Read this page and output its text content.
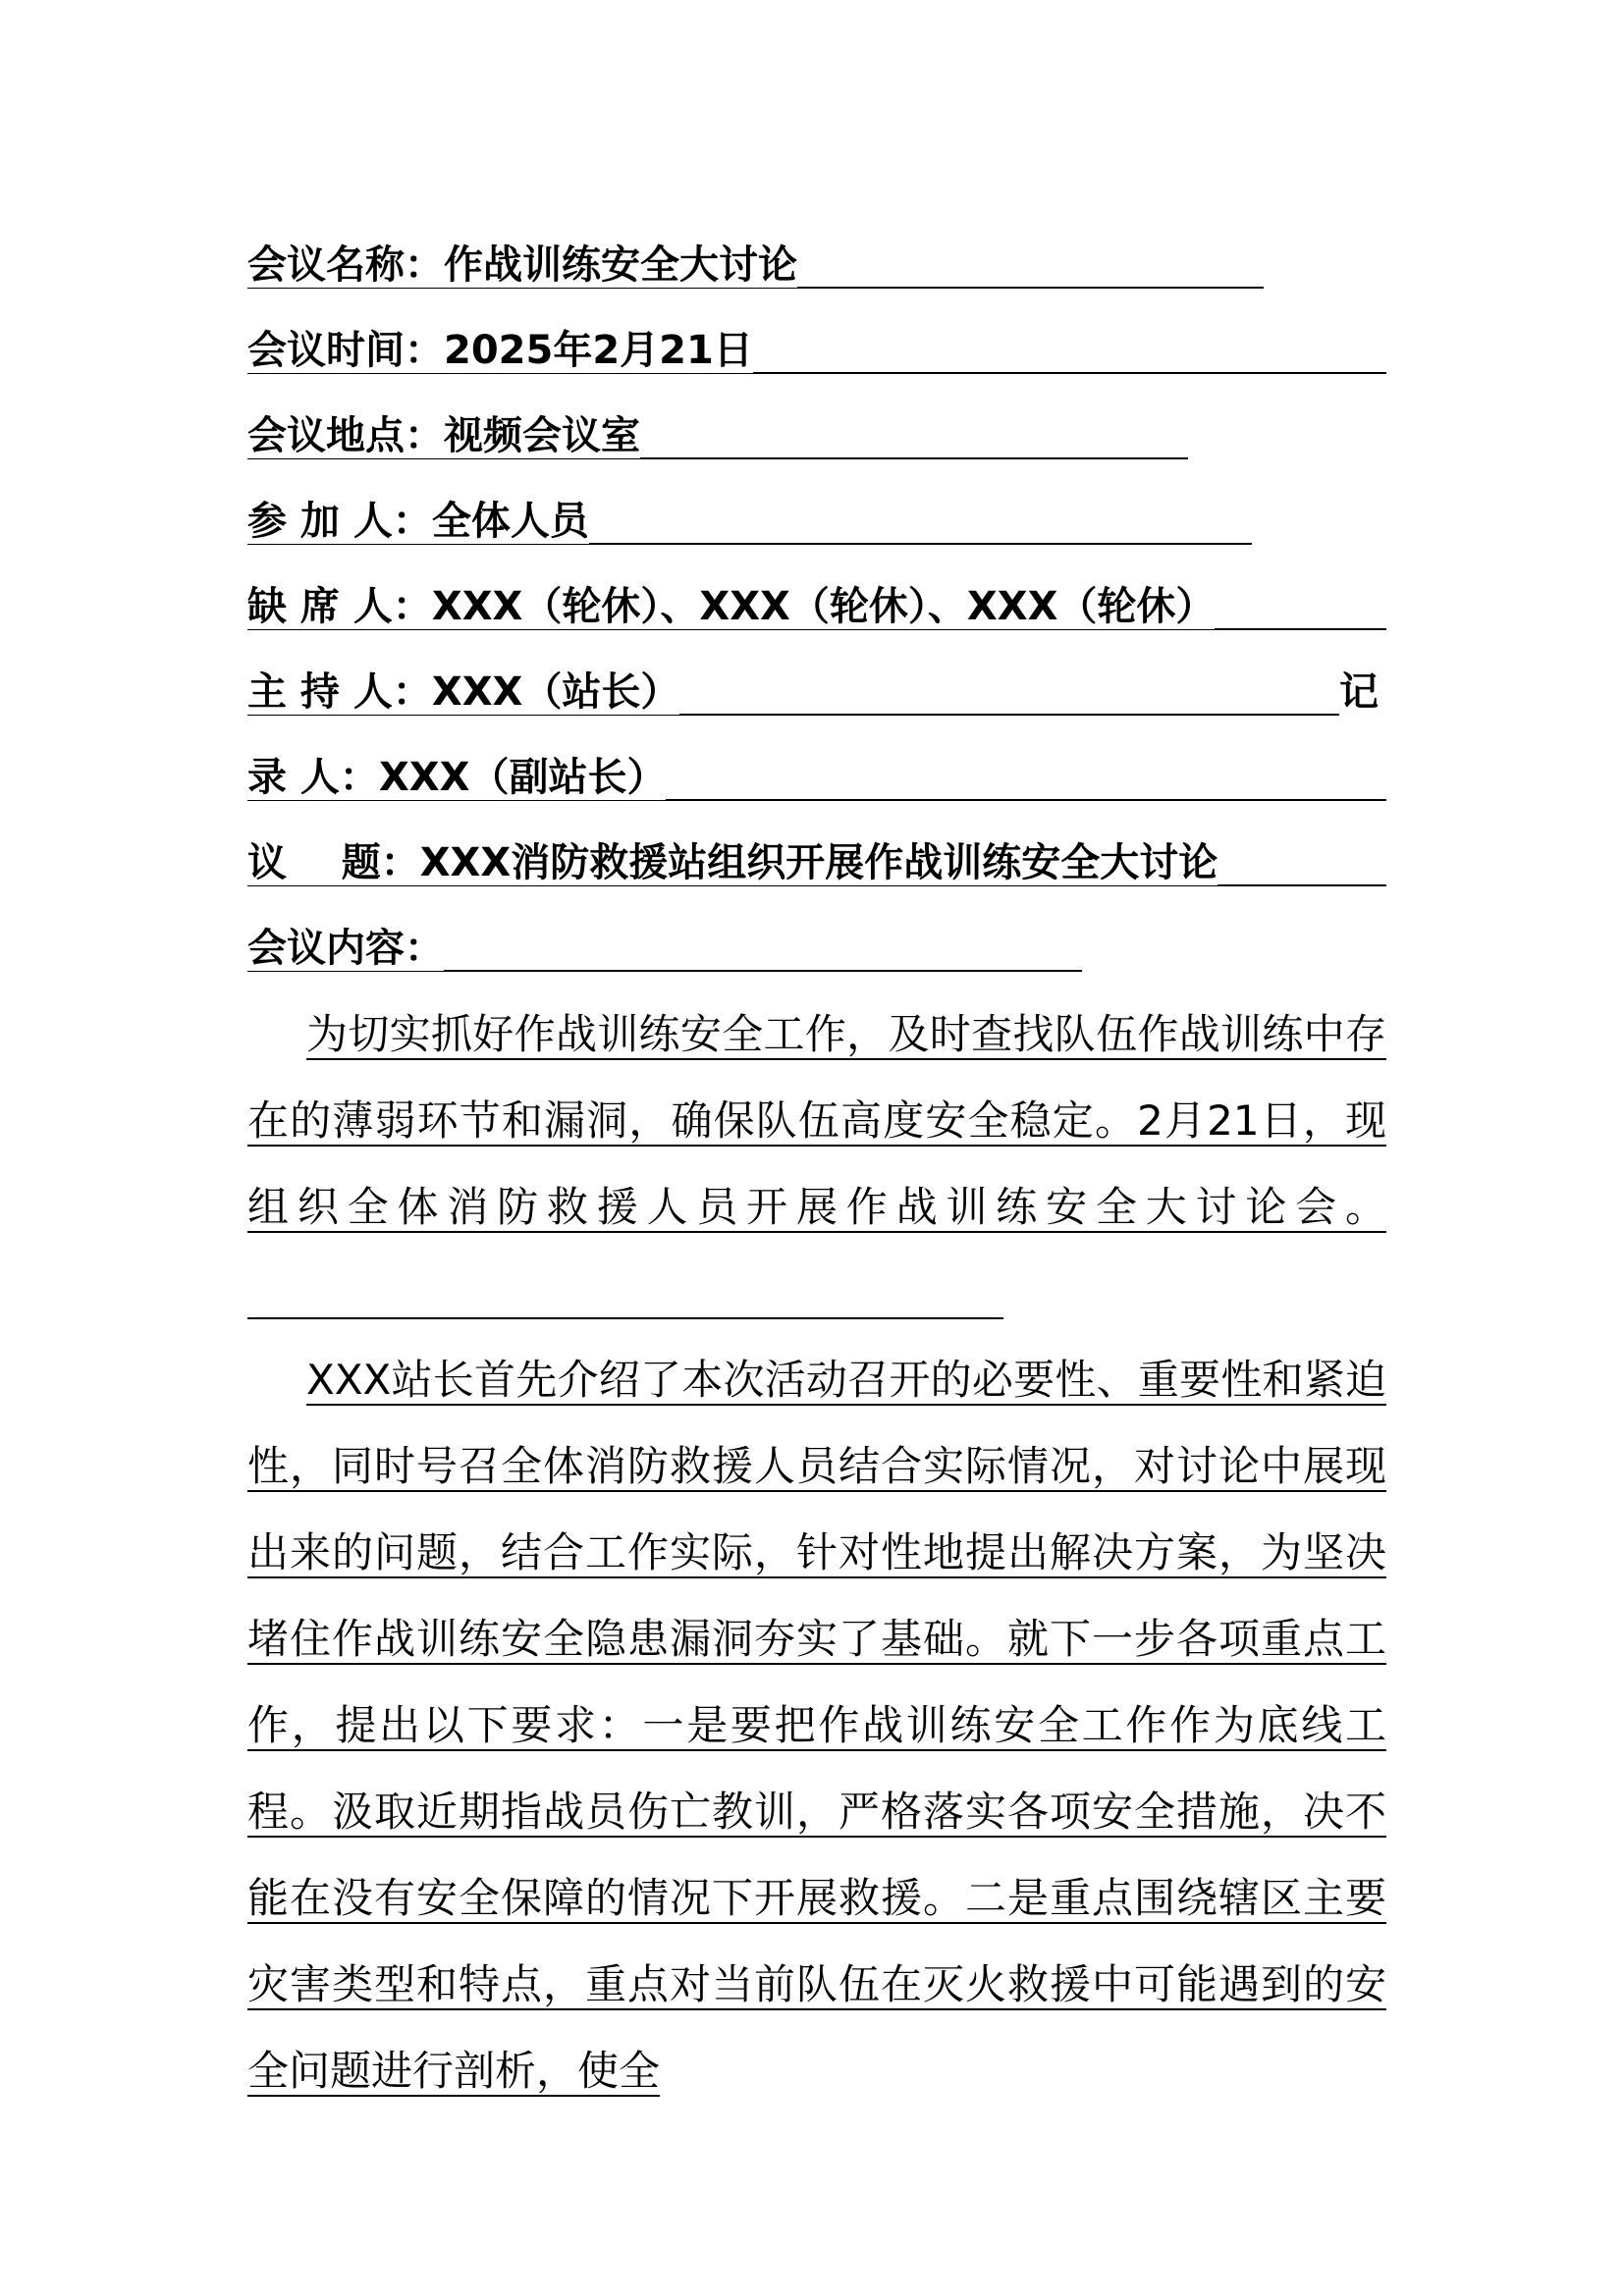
会议名称：作战训练安全大讨论
会议时间：2025年2月21日
会议地点：视频会议室
参 加 人：全体人员
缺 席 人：XXX（轮休）、XXX（轮休）、XXX（轮休）
主 持 人：XXX（站长）	记
录 人：XXX（副站长）
议    题：XXX消防救援站组织开展作战训练安全大讨论
会议内容：
为切实抓好作战训练安全工作，及时查找队伍作战训练中存在的薄弱环节和漏洞，确保队伍高度安全稳定。2月21日，现组织全体消防救援人员开展作战训练安全大讨论会。
XXX站长首先介绍了本次活动召开的必要性、重要性和紧迫性，同时号召全体消防救援人员结合实际情况，对讨论中展现出来的问题，结合工作实际，针对性地提出解决方案，为坚决堵住作战训练安全隐患漏洞夯实了基础。就下一步各项重点工作，提出以下要求：一是要把作战训练安全工作作为底线工程。汲取近期指战员伤亡教训，严格落实各项安全措施，决不能在没有安全保障的情况下开展救援。二是重点围绕辖区主要灾害类型和特点，重点对当前队伍在灭火救援中可能遇到的安全问题进行剖析，使全
